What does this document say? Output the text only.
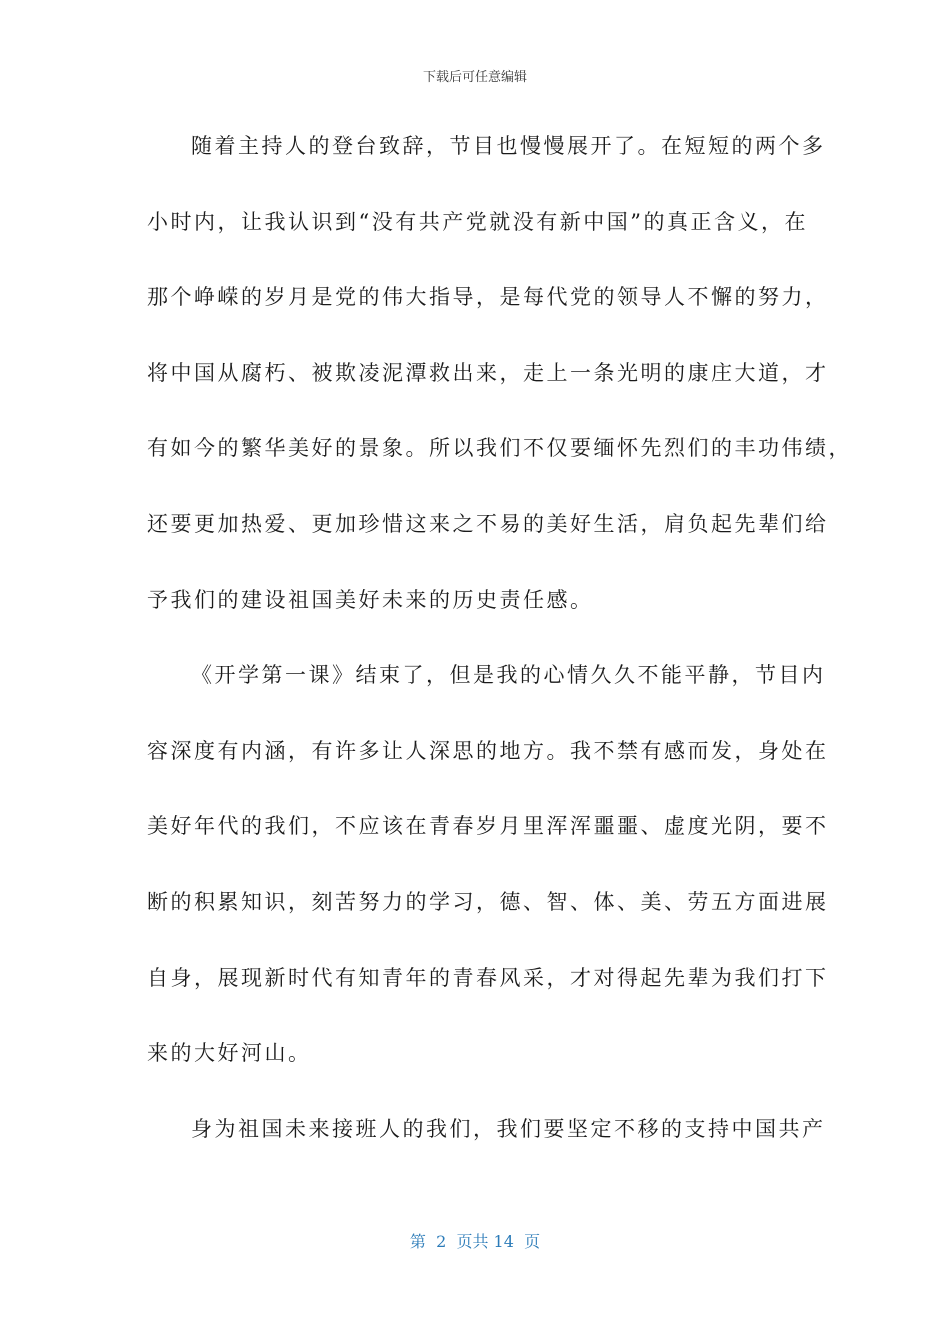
下载后可任意编辑
随着主持人的登台致辞，节目也慢慢展开了。在短短的两个多
小时内，让我认识到“没有共产党就没有新中国”的真正含义，在
那个峥嵘的岁月是党的伟大指导，是每代党的领导人不懈的努力，
将中国从腐朽、被欺凌泥潭救出来，走上一条光明的康庄大道，才
有如今的繁华美好的景象。所以我们不仅要缅怀先烈们的丰功伟绩，
还要更加热爱、更加珍惜这来之不易的美好生活，肩负起先辈们给
予我们的建设祖国美好未来的历史责任感。
《开学第一课》结束了，但是我的心情久久不能平静，节目内
容深度有内涵，有许多让人深思的地方。我不禁有感而发，身处在
美好年代的我们，不应该在青春岁月里浑浑噩噩、虚度光阴，要不
断的积累知识，刻苦努力的学习，德、智、体、美、劳五方面进展
自身，展现新时代有知青年的青春风采，才对得起先辈为我们打下
来的大好河山。
身为祖国未来接班人的我们，我们要坚定不移的支持中国共产
第  2  页共 14  页
